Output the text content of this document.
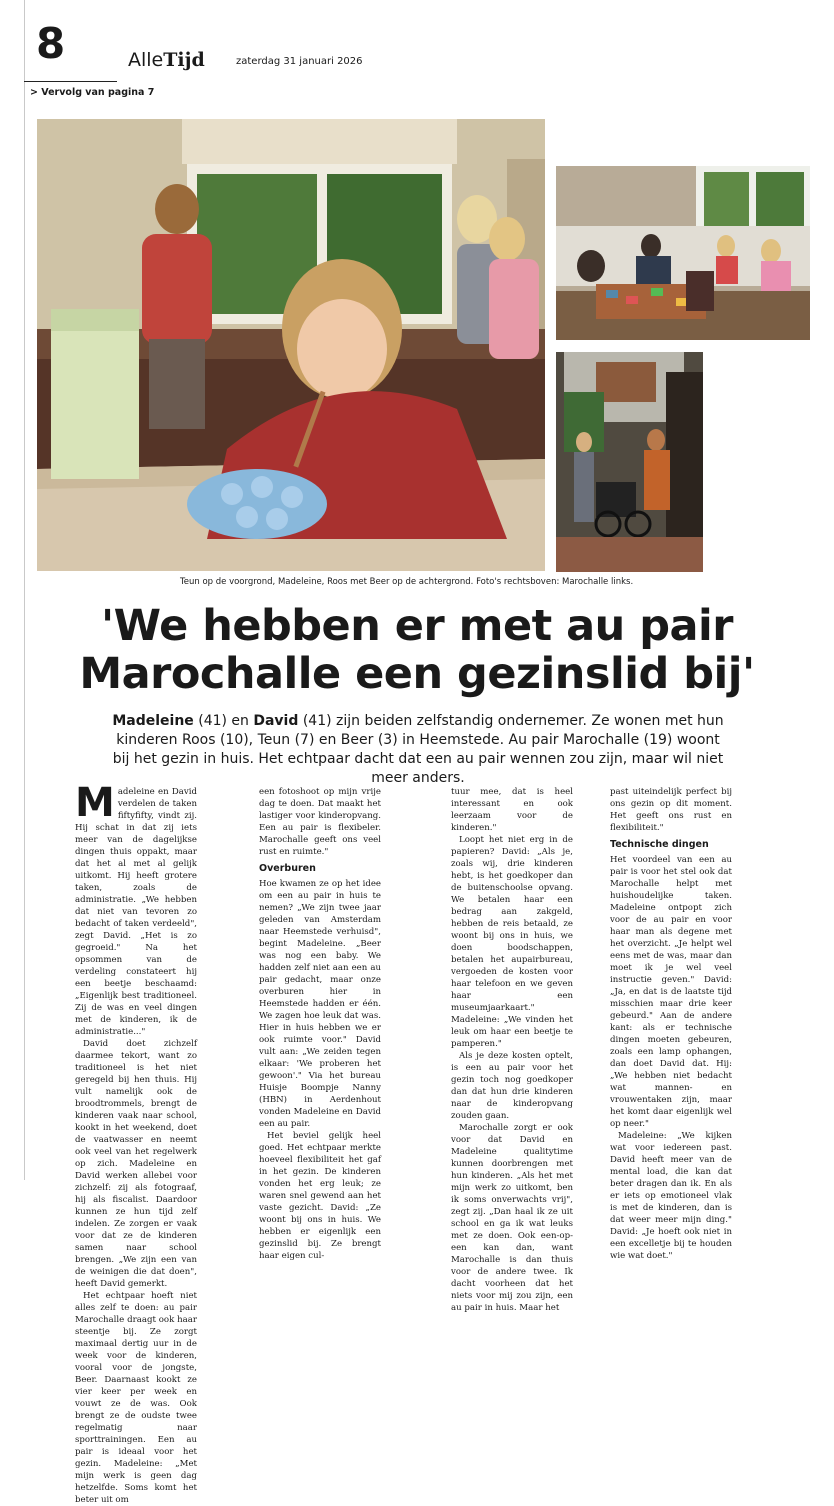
8	AlleTijd	zaterdag 31 januari 2026
> Vervolg van pagina 7
Teun op de voorgrond, Madeleine, Roos met Beer op de achtergrond. Foto's rechtsboven: Marochalle links.
'We hebben er met au pair
Marochalle een gezinslid bij'
Madeleine (41) en David (41) zijn beiden zelfstandig ondernemer. Ze wonen met hun kinderen Roos (10), Teun (7) en Beer (3) in Heemstede. Au pair Marochalle (19) woont bij het gezin in huis. Het echtpaar dacht dat een au pair wennen zou zijn, maar wil niet meer anders.
M adeleine en David verdelen de taken fiftyfifty, vindt zij. Hij schat in dat zij iets meer van de dagelijkse dingen thuis oppakt, maar dat het al met al gelijk uitkomt. Hij heeft grotere taken, zoals de administratie. „We hebben dat niet van tevoren zo bedacht of taken verdeeld", zegt David. „Het is zo gegroeid." Na het opsommen van de verdeling constateert hij een beetje beschaamd: „Eigenlijk best traditioneel. Zij de was en veel dingen met de kinderen, ik de administratie..."

David doet zichzelf daarmee tekort, want zo traditioneel is het niet geregeld bij hen thuis. Hij vult namelijk ook de broodtrommels, brengt de kinderen vaak naar school, kookt in het weekend, doet de vaatwasser en neemt ook veel van het regelwerk op zich. Madeleine en David werken allebei voor zichzelf: zij als fotograaf, hij als fiscalist. Daardoor kunnen ze hun tijd zelf indelen. Ze zorgen er vaak voor dat ze de kinderen samen naar school brengen. „We zijn een van de weinigen die dat doen", heeft David gemerkt.

Het echtpaar hoeft niet alles zelf te doen: au pair Marochalle draagt ook haar steentje bij. Ze zorgt maximaal dertig uur in de week voor de kinderen, vooral voor de jongste, Beer. Daarnaast kookt ze vier keer per week en vouwt ze de was. Ook brengt ze de oudste twee regelmatig naar sporttrainingen. Een au pair is ideaal voor het gezin. Madeleine: „Met mijn werk is geen dag hetzelfde. Soms komt het beter uit om

een fotoshoot op mijn vrije dag te doen. Dat maakt het lastiger voor kinderopvang. Een au pair is flexibeler. Marochalle geeft ons veel rust en ruimte."

Overburen

Hoe kwamen ze op het idee om een au pair in huis te nemen? „We zijn twee jaar geleden van Amsterdam naar Heemstede verhuisd", begint Madeleine. „Beer was nog een baby. We hadden zelf niet aan een au pair gedacht, maar onze overburen hier in Heemstede hadden er één. We zagen hoe leuk dat was. Hier in huis hebben we er ook ruimte voor." David vult aan: „We zeiden tegen elkaar: 'We proberen het gewoon'." Via het bureau Huisje Boompje Nanny (HBN) in Aerdenhout vonden Madeleine en David een au pair.

Het beviel gelijk heel goed. Het echtpaar merkte hoeveel flexibiliteit het gaf in het gezin. De kinderen vonden het erg leuk; ze waren snel gewend aan het vaste gezicht. David: „Ze woont bij ons in huis. We hebben er eigenlijk een gezinslid bij. Ze brengt haar eigen cul-

tuur mee, dat is heel interessant en ook leerzaam voor de kinderen."

Loopt het niet erg in de papieren? David: „Als je, zoals wij, drie kinderen hebt, is het goedkoper dan de buitenschoolse opvang. We betalen haar een bedrag aan zakgeld, hebben de reis betaald, ze woont bij ons in huis, we doen boodschappen, betalen het aupairbureau, vergoeden de kosten voor haar telefoon en we geven haar een museumjaarkaart." Madeleine: „We vinden het leuk om haar een beetje te pamperen."

Als je deze kosten optelt, is een au pair voor het gezin toch nog goedkoper dan dat hun drie kinderen naar de kinderopvang zouden gaan.

Marochalle zorgt er ook voor dat David en Madeleine qualitytime kunnen doorbrengen met hun kinderen. „Als het met mijn werk zo uitkomt, ben ik soms onverwachts vrij", zegt zij. „Dan haal ik ze uit school en ga ik wat leuks met ze doen. Ook een-op-een kan dan, want Marochalle is dan thuis voor de andere twee. Ik dacht voorheen dat het niets voor mij zou zijn, een au pair in huis. Maar het

past uiteindelijk perfect bij ons gezin op dit moment. Het geeft ons rust en flexibiliteit."

Technische dingen

Het voordeel van een au pair is voor het stel ook dat Marochalle helpt met huishoudelijke taken. Madeleine ontpopt zich voor de au pair en voor haar man als degene met het overzicht. „Je helpt wel eens met de was, maar dan moet ik je wel veel instructie geven." David: „Ja, en dat is de laatste tijd misschien maar drie keer gebeurd." Aan de andere kant: als er technische dingen moeten gebeuren, zoals een lamp ophangen, dan doet David dat. Hij: „We hebben niet bedacht wat mannen- en vrouwentaken zijn, maar het komt daar eigenlijk wel op neer."

Madeleine: „We kijken wat voor iedereen past. David heeft meer van de mental load, die kan dat beter dragen dan ik. En als er iets op emotioneel vlak is met de kinderen, dan is dat weer meer mijn ding." David: „Je hoeft ook niet in een excelletje bij te houden wie wat doet."
